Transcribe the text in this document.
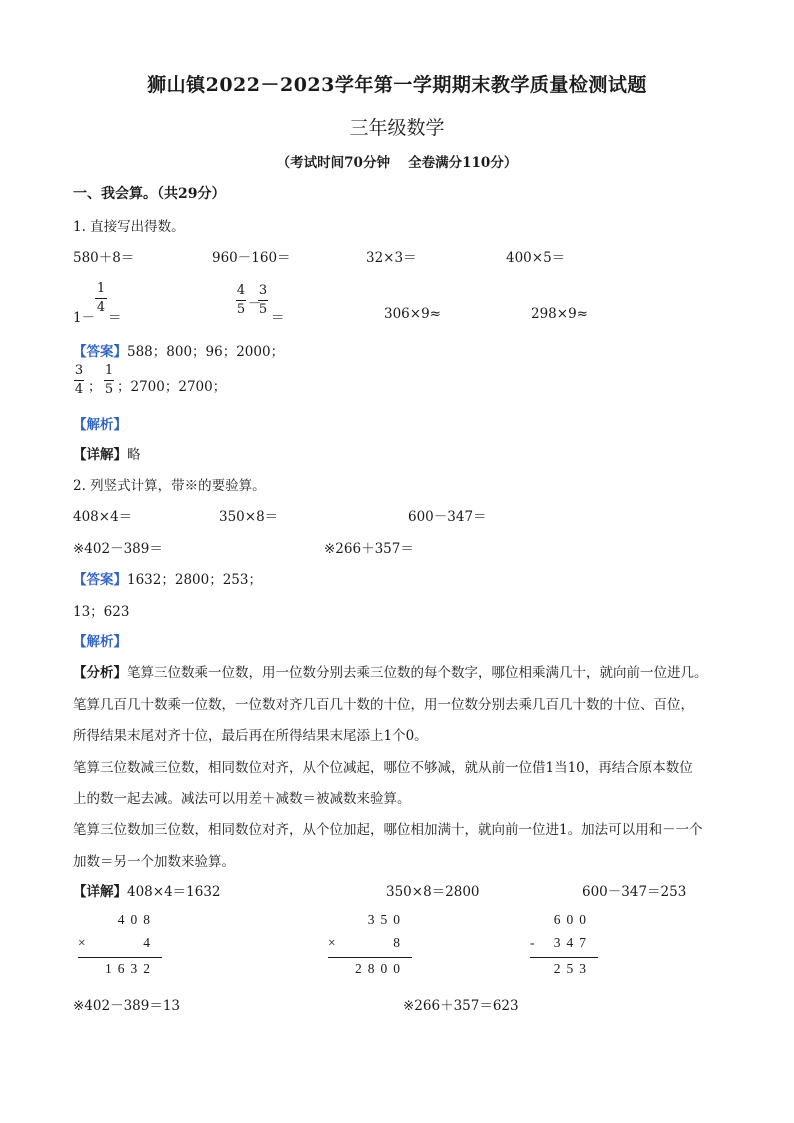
狮山镇2022－2023学年第一学期期末教学质量检测试题
三年级数学
（考试时间70分钟　 全卷满分110分）
一、我会算。（共29分）
1. 直接写出得数。
580＋8＝	960－160＝	32×3＝	400×5＝
1－
1
4
＝
4
5 －
3
5
＝	306×9≈	298×9≈
【答案】588；800；96；2000；
3
4 ；
1
5 ；2700；2700；
【解析】
【详解】略
2. 列竖式计算，带※的要验算。
408×4＝	350×8＝	600－347＝
※402－389＝	※266＋357＝
【答案】1632；2800；253；
13；623
【解析】
【分析】笔算三位数乘一位数，用一位数分别去乘三位数的每个数字，哪位相乘满几十，就向前一位进几。
笔算几百几十数乘一位数，一位数对齐几百几十数的十位，用一位数分别去乘几百几十数的十位、百位，
所得结果末尾对齐十位，最后再在所得结果末尾添上1个0。
笔算三位数减三位数，相同数位对齐，从个位减起，哪位不够减，就从前一位借1当10，再结合原本数位
上的数一起去减。减法可以用差＋减数＝被减数来验算。
笔算三位数加三位数，相同数位对齐，从个位加起，哪位相加满十，就向前一位进1。加法可以用和－一个
加数＝另一个加数来验算。
【详解】408×4＝1632	350×8＝2800	600－347＝253
408
×	4
1632
350
×	8
2800
600
- 347
253
※402－389＝13	※266＋357＝623
